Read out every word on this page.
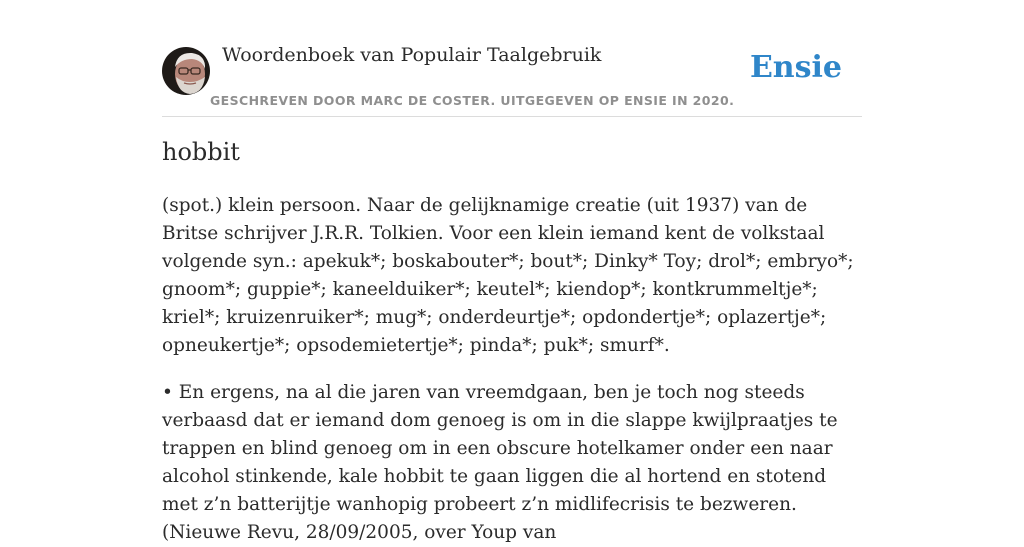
Woordenboek van Populair Taalgebruik
GESCHREVEN DOOR MARC DE COSTER. UITGEGEVEN OP ENSIE IN 2020.
Ensie
hobbit

(spot.) klein persoon. Naar de gelijknamige creatie (uit 1937) van de Britse schrijver J.R.R. Tolkien. Voor een klein iemand kent de volkstaal volgende syn.: apekuk*; boskabouter*; bout*; Dinky* Toy; drol*; embryo*; gnoom*; guppie*; kaneelduiker*; keutel*; kiendop*; kontkrummeltje*; kriel*; kruizenruiker*; mug*; onderdeurtje*; opdondertje*; oplazertje*; opneukertje*; opsodemietertje*; pinda*; puk*; smurf*.

• En ergens, na al die jaren van vreemdgaan, ben je toch nog steeds verbaasd dat er iemand dom genoeg is om in die slappe kwijlpraatjes te trappen en blind genoeg om in een obscure hotelkamer onder een naar alcohol stinkende, kale hobbit te gaan liggen die al hortend en stotend met z’n batterijtje wanhopig probeert z’n midlifecrisis te bezweren. (Nieuwe Revu, 28/09/2005, over Youp van
